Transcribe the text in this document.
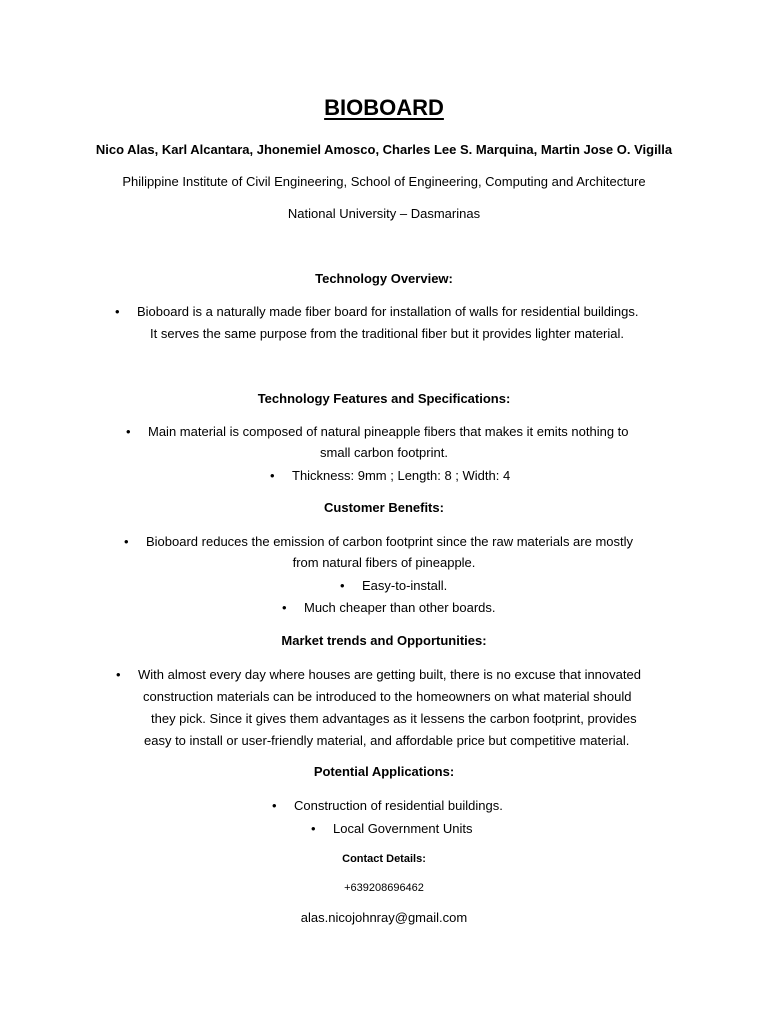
BIOBOARD
Nico Alas, Karl Alcantara, Jhonemiel Amosco, Charles Lee S. Marquina, Martin Jose O. Vigilla
Philippine Institute of Civil Engineering, School of Engineering, Computing and Architecture
National University – Dasmarinas
Technology Overview:
• Bioboard is a naturally made fiber board for installation of walls for residential buildings.
It serves the same purpose from the traditional fiber but it provides lighter material.
Technology Features and Specifications:
• Main material is composed of natural pineapple fibers that makes it emits nothing to
small carbon footprint.
• Thickness: 9mm ; Length: 8 ; Width: 4
Customer Benefits:
• Bioboard reduces the emission of carbon footprint since the raw materials are mostly
from natural fibers of pineapple.
• Easy-to-install.
• Much cheaper than other boards.
Market trends and Opportunities:
• With almost every day where houses are getting built, there is no excuse that innovated
construction materials can be introduced to the homeowners on what material should
they pick. Since it gives them advantages as it lessens the carbon footprint, provides
easy to install or user-friendly material, and affordable price but competitive material.
Potential Applications:
• Construction of residential buildings.
• Local Government Units
Contact Details:
+639208696462
alas.nicojohnray@gmail.com
